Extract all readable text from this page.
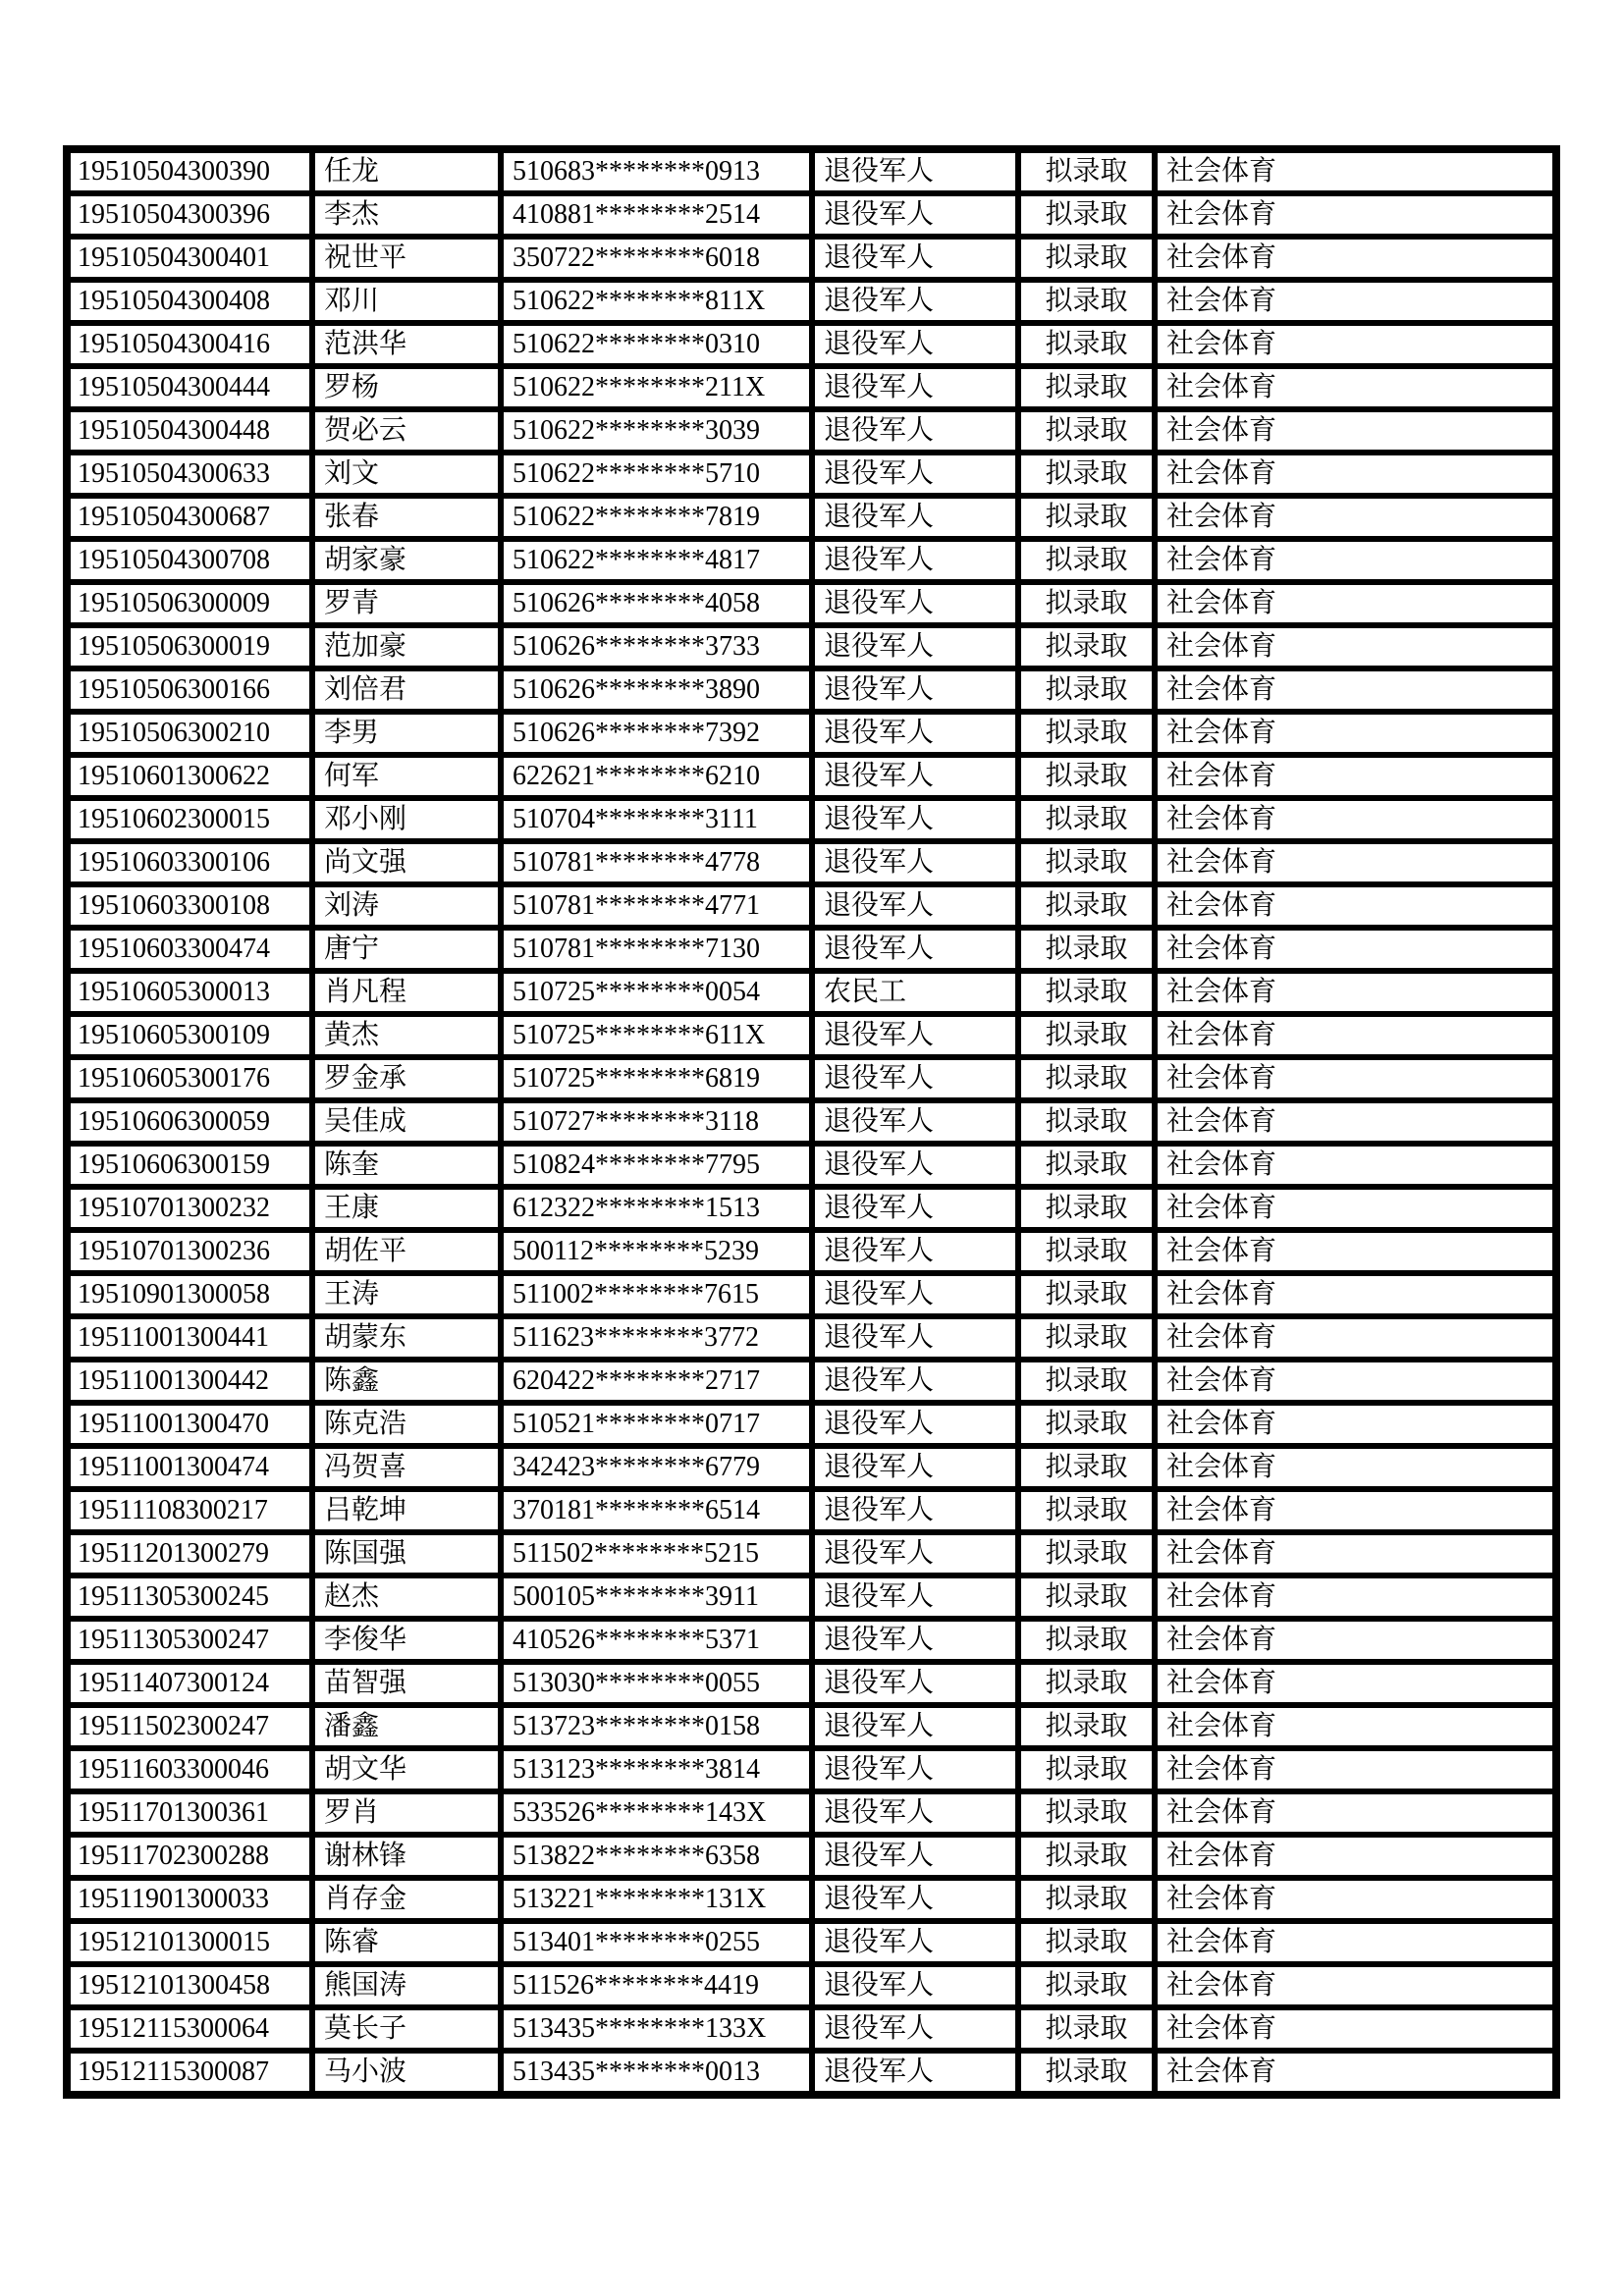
19510504300390	任龙	510683********0913	退役军人	拟录取	社会体育
19510504300396	李杰	410881********2514	退役军人	拟录取	社会体育
19510504300401	祝世平	350722********6018	退役军人	拟录取	社会体育
19510504300408	邓川	510622********811X	退役军人	拟录取	社会体育
19510504300416	范洪华	510622********0310	退役军人	拟录取	社会体育
19510504300444	罗杨	510622********211X	退役军人	拟录取	社会体育
19510504300448	贺必云	510622********3039	退役军人	拟录取	社会体育
19510504300633	刘文	510622********5710	退役军人	拟录取	社会体育
19510504300687	张春	510622********7819	退役军人	拟录取	社会体育
19510504300708	胡家豪	510622********4817	退役军人	拟录取	社会体育
19510506300009	罗青	510626********4058	退役军人	拟录取	社会体育
19510506300019	范加豪	510626********3733	退役军人	拟录取	社会体育
19510506300166	刘倍君	510626********3890	退役军人	拟录取	社会体育
19510506300210	李男	510626********7392	退役军人	拟录取	社会体育
19510601300622	何军	622621********6210	退役军人	拟录取	社会体育
19510602300015	邓小刚	510704********3111	退役军人	拟录取	社会体育
19510603300106	尚文强	510781********4778	退役军人	拟录取	社会体育
19510603300108	刘涛	510781********4771	退役军人	拟录取	社会体育
19510603300474	唐宁	510781********7130	退役军人	拟录取	社会体育
19510605300013	肖凡程	510725********0054	农民工	拟录取	社会体育
19510605300109	黄杰	510725********611X	退役军人	拟录取	社会体育
19510605300176	罗金承	510725********6819	退役军人	拟录取	社会体育
19510606300059	吴佳成	510727********3118	退役军人	拟录取	社会体育
19510606300159	陈奎	510824********7795	退役军人	拟录取	社会体育
19510701300232	王康	612322********1513	退役军人	拟录取	社会体育
19510701300236	胡佐平	500112********5239	退役军人	拟录取	社会体育
19510901300058	王涛	511002********7615	退役军人	拟录取	社会体育
19511001300441	胡蒙东	511623********3772	退役军人	拟录取	社会体育
19511001300442	陈鑫	620422********2717	退役军人	拟录取	社会体育
19511001300470	陈克浩	510521********0717	退役军人	拟录取	社会体育
19511001300474	冯贺喜	342423********6779	退役军人	拟录取	社会体育
19511108300217	吕乾坤	370181********6514	退役军人	拟录取	社会体育
19511201300279	陈国强	511502********5215	退役军人	拟录取	社会体育
19511305300245	赵杰	500105********3911	退役军人	拟录取	社会体育
19511305300247	李俊华	410526********5371	退役军人	拟录取	社会体育
19511407300124	苗智强	513030********0055	退役军人	拟录取	社会体育
19511502300247	潘鑫	513723********0158	退役军人	拟录取	社会体育
19511603300046	胡文华	513123********3814	退役军人	拟录取	社会体育
19511701300361	罗肖	533526********143X	退役军人	拟录取	社会体育
19511702300288	谢林锋	513822********6358	退役军人	拟录取	社会体育
19511901300033	肖存金	513221********131X	退役军人	拟录取	社会体育
19512101300015	陈睿	513401********0255	退役军人	拟录取	社会体育
19512101300458	熊国涛	511526********4419	退役军人	拟录取	社会体育
19512115300064	莫长子	513435********133X	退役军人	拟录取	社会体育
19512115300087	马小波	513435********0013	退役军人	拟录取	社会体育
